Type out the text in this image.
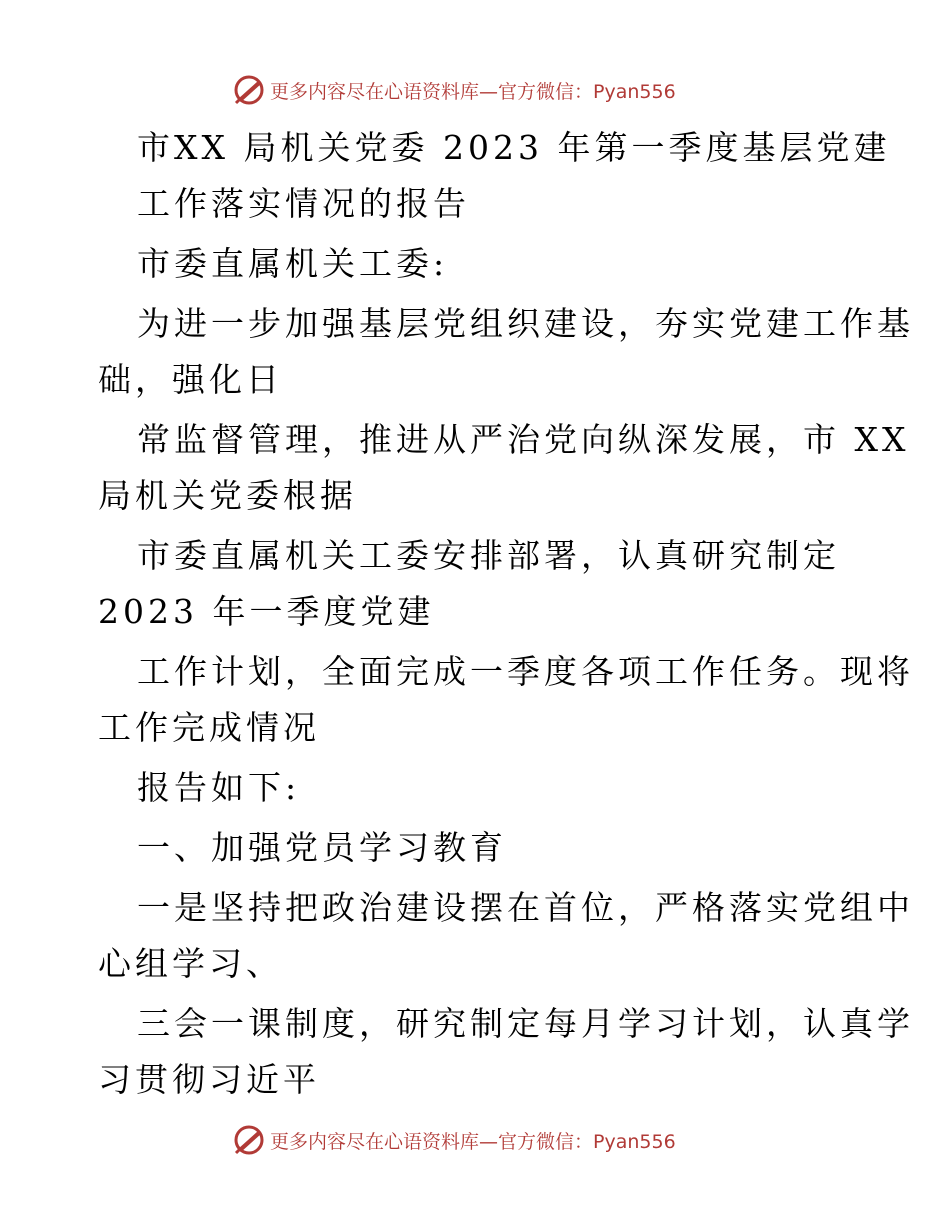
更多内容尽在心语资料库 —官方微信：Pyan556
市XX 局机关党委 2023 年第一季度基层党建
工作落实情况的报告
市委直属机关工委:
为进一步加强基层党组织建设，夯实党建工作基
础，强化日
常监督管理，推进从严治党向纵深发展，市 XX
局机关党委根据
市委直属机关工委安排部署，认真研究制定
2023 年一季度党建
工作计划，全面完成一季度各项工作任务。现将
工作完成情况
报告如下:
一、加强党员学习教育
一是坚持把政治建设摆在首位，严格落实党组中
心组学习、
三会一课制度，研究制定每月学习计划，认真学
习贯彻习近平
更多内容尽在心语资料库 —官方微信：Pyan556
